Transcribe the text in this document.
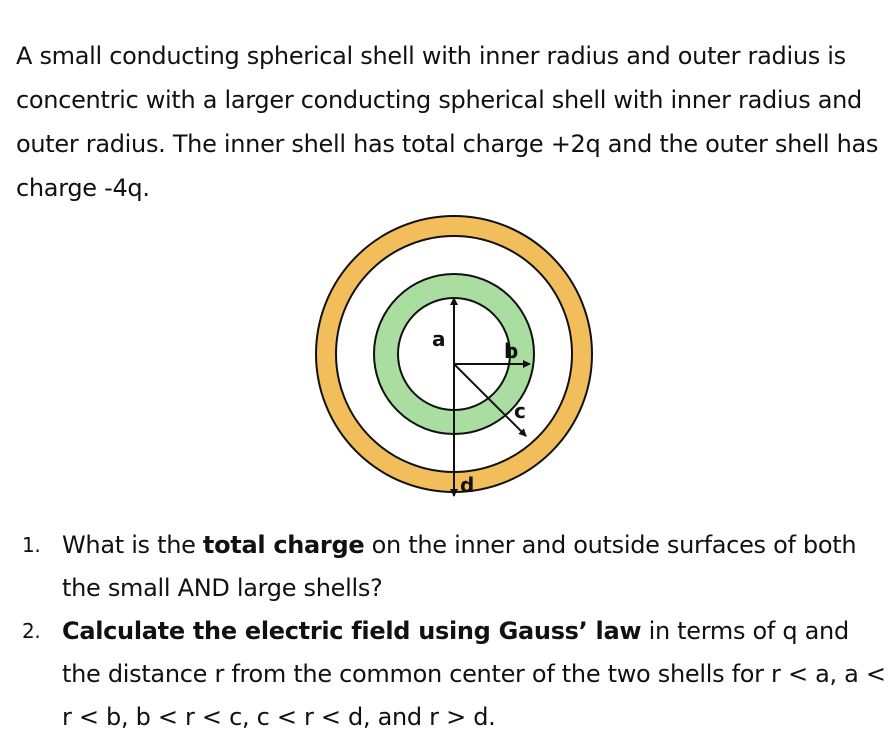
A small conducting spherical shell with inner radius and outer radius is concentric with a larger conducting spherical shell with inner radius and outer radius. The inner shell has total charge +2q and the outer shell has charge -4q.

a	b
c
d
1. What is the total charge on the inner and outside surfaces of both the small AND large shells?
2. Calculate the electric field using Gauss’ law in terms of q and the distance r from the common center of the two shells for r < a, a < r < b, b < r < c, c < r < d, and r > d.
